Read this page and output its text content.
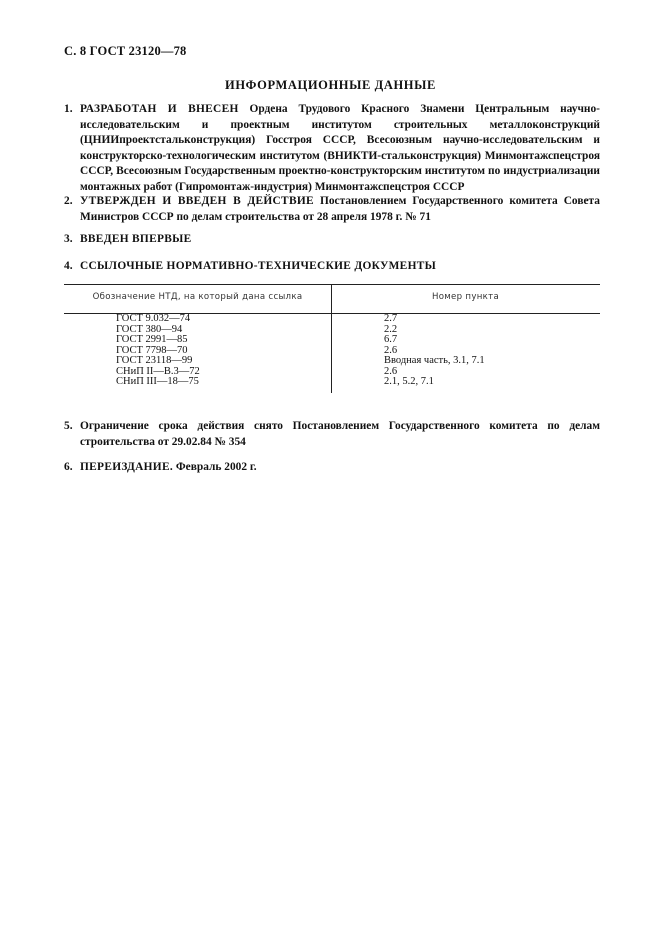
С. 8 ГОСТ 23120—78
ИНФОРМАЦИОННЫЕ ДАННЫЕ
1. РАЗРАБОТАН И ВНЕСЕН Ордена Трудового Красного Знамени Центральным научно-исследовательским и проектным институтом строительных металлоконструкций (ЦНИИпроектстальконструкция) Госстроя СССР, Всесоюзным научно-исследовательским и конструкторско-технологическим институтом (ВНИКТИ-стальконструкция) Минмонтажспецстроя СССР, Всесоюзным Государственным проектно-конструкторским институтом по индустриализации монтажных работ (Гипромонтаж-индустрия) Минмонтажспецстроя СССР
2. УТВЕРЖДЕН И ВВЕДЕН В ДЕЙСТВИЕ Постановлением Государственного комитета Совета Министров СССР по делам строительства от 28 апреля 1978 г. № 71
3. ВВЕДЕН ВПЕРВЫЕ
4. ССЫЛОЧНЫЕ НОРМАТИВНО-ТЕХНИЧЕСКИЕ ДОКУМЕНТЫ
Обозначение НТД, на который дана ссылка	Номер пункта
ГОСТ 9.032—74	2.7
ГОСТ 380—94	2.2
ГОСТ 2991—85	6.7
ГОСТ 7798—70	2.6
ГОСТ 23118—99	Вводная часть, 3.1, 7.1
СНиП II—В.3—72	2.6
СНиП III—18—75	2.1, 5.2, 7.1
5. Ограничение срока действия снято Постановлением Государственного комитета по делам строительства от 29.02.84 № 354
6. ПЕРЕИЗДАНИЕ. Февраль 2002 г.
